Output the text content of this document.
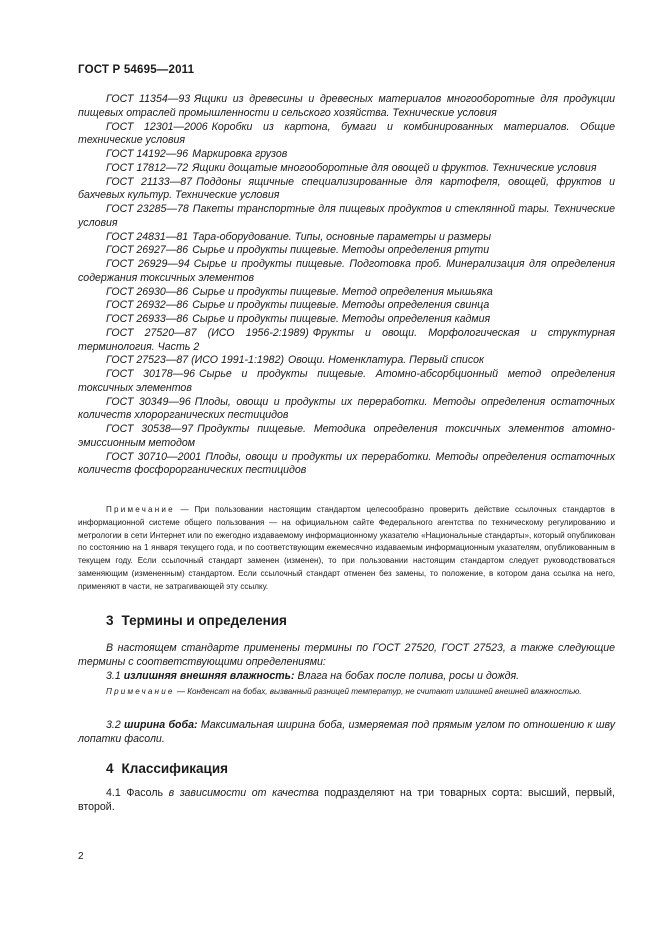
ГОСТ Р 54695—2011
ГОСТ 11354—93 Ящики из древесины и древесных материалов многооборотные для продукции пищевых отраслей промышленности и сельского хозяйства. Технические условия
ГОСТ 12301—2006 Коробки из картона, бумаги и комбинированных материалов. Общие технические условия
ГОСТ 14192—96 Маркировка грузов
ГОСТ 17812—72 Ящики дощатые многооборотные для овощей и фруктов. Технические условия
ГОСТ 21133—87 Поддоны ящичные специализированные для картофеля, овощей, фруктов и бахчевых культур. Технические условия
ГОСТ 23285—78 Пакеты транспортные для пищевых продуктов и стеклянной тары. Технические условия
ГОСТ 24831—81 Тара-оборудование. Типы, основные параметры и размеры
ГОСТ 26927—86 Сырье и продукты пищевые. Методы определения ртути
ГОСТ 26929—94 Сырье и продукты пищевые. Подготовка проб. Минерализация для определения содержания токсичных элементов
ГОСТ 26930—86 Сырье и продукты пищевые. Метод определения мышьяка
ГОСТ 26932—86 Сырье и продукты пищевые. Методы определения свинца
ГОСТ 26933—86 Сырье и продукты пищевые. Методы определения кадмия
ГОСТ 27520—87 (ИСО 1956-2:1989) Фрукты и овощи. Морфологическая и структурная терминология. Часть 2
ГОСТ 27523—87 (ИСО 1991-1:1982) Овощи. Номенклатура. Первый список
ГОСТ 30178—96 Сырье и продукты пищевые. Атомно-абсорбционный метод определения токсичных элементов
ГОСТ 30349—96 Плоды, овощи и продукты их переработки. Методы определения остаточных количеств хлорорганических пестицидов
ГОСТ 30538—97 Продукты пищевые. Методика определения токсичных элементов атомно-эмиссионным методом
ГОСТ 30710—2001 Плоды, овощи и продукты их переработки. Методы определения остаточных количеств фосфорорганических пестицидов
Примечание — При пользовании настоящим стандартом целесообразно проверить действие ссылочных стандартов в информационной системе общего пользования — на официальном сайте Федерального агентства по техническому регулированию и метрологии в сети Интернет или по ежегодно издаваемому информационному указателю «Национальные стандарты», который опубликован по состоянию на 1 января текущего года, и по соответствующим ежемесячно издаваемым информационным указателям, опубликованным в текущем году. Если ссылочный стандарт заменен (изменен), то при пользовании настоящим стандартом следует руководствоваться заменяющим (измененным) стандартом. Если ссылочный стандарт отменен без замены, то положение, в котором дана ссылка на него, применяют в части, не затрагивающей эту ссылку.
3 Термины и определения
В настоящем стандарте применены термины по ГОСТ 27520, ГОСТ 27523, а также следующие термины с соответствующими определениями:
3.1 излишняя внешняя влажность: Влага на бобах после полива, росы и дождя.
Примечание — Конденсат на бобах, вызванный разницей температур, не считают излишней внешней влажностью.
3.2 ширина боба: Максимальная ширина боба, измеряемая под прямым углом по отношению к шву лопатки фасоли.
4 Классификация
4.1 Фасоль в зависимости от качества подразделяют на три товарных сорта: высший, первый, второй.
2
